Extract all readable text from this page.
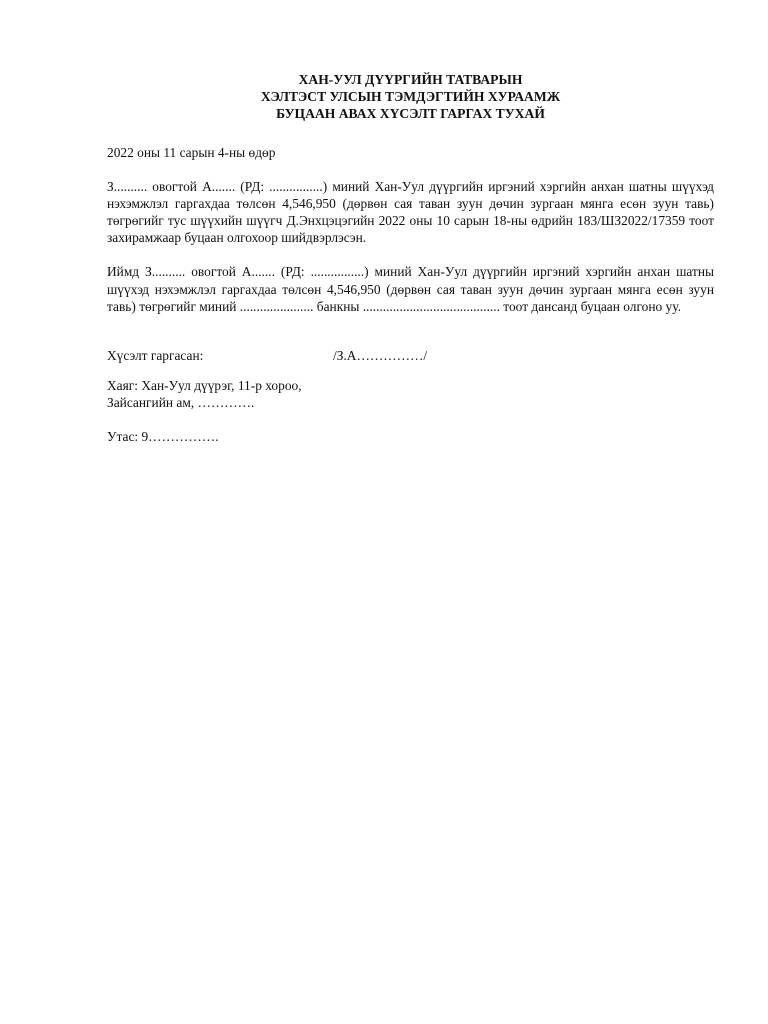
ХАН-УУЛ ДҮҮРГИЙН ТАТВАРЫН
ХЭЛТЭСТ УЛСЫН ТЭМДЭГТИЙН ХУРААМЖ
БУЦААН АВАХ ХҮСЭЛТ ГАРГАХ ТУХАЙ
2022 оны 11 сарын 4-ны өдөр
З.......... овогтой А....... (РД: ................) миний Хан-Уул дүүргийн иргэний хэргийн анхан шатны шүүхэд нэхэмжлэл гаргахдаа төлсөн 4,546,950 (дөрвөн сая таван зуун дөчин зургаан мянга есөн зуун тавь) төгрөгийг тус шүүхийн шүүгч Д.Энхцэцэгийн 2022 оны 10 сарын 18-ны өдрийн 183/ШЗ2022/17359 тоот захирамжаар буцаан олгохоор шийдвэрлэсэн.
Иймд З.......... овогтой А....... (РД: ................) миний Хан-Уул дүүргийн иргэний хэргийн анхан шатны шүүхэд нэхэмжлэл гаргахдаа төлсөн 4,546,950 (дөрвөн сая таван зуун дөчин зургаан мянга есөн зуун тавь) төгрөгийг миний ...................... банкны ......................................... тоот дансанд буцаан олгоно уу.
Хүсэлт гаргасан:	/З.А……………/
Хаяг: Хан-Уул дүүрэг, 11-р хороо,
Зайсангийн ам, ………….
Утас: 9…………….
